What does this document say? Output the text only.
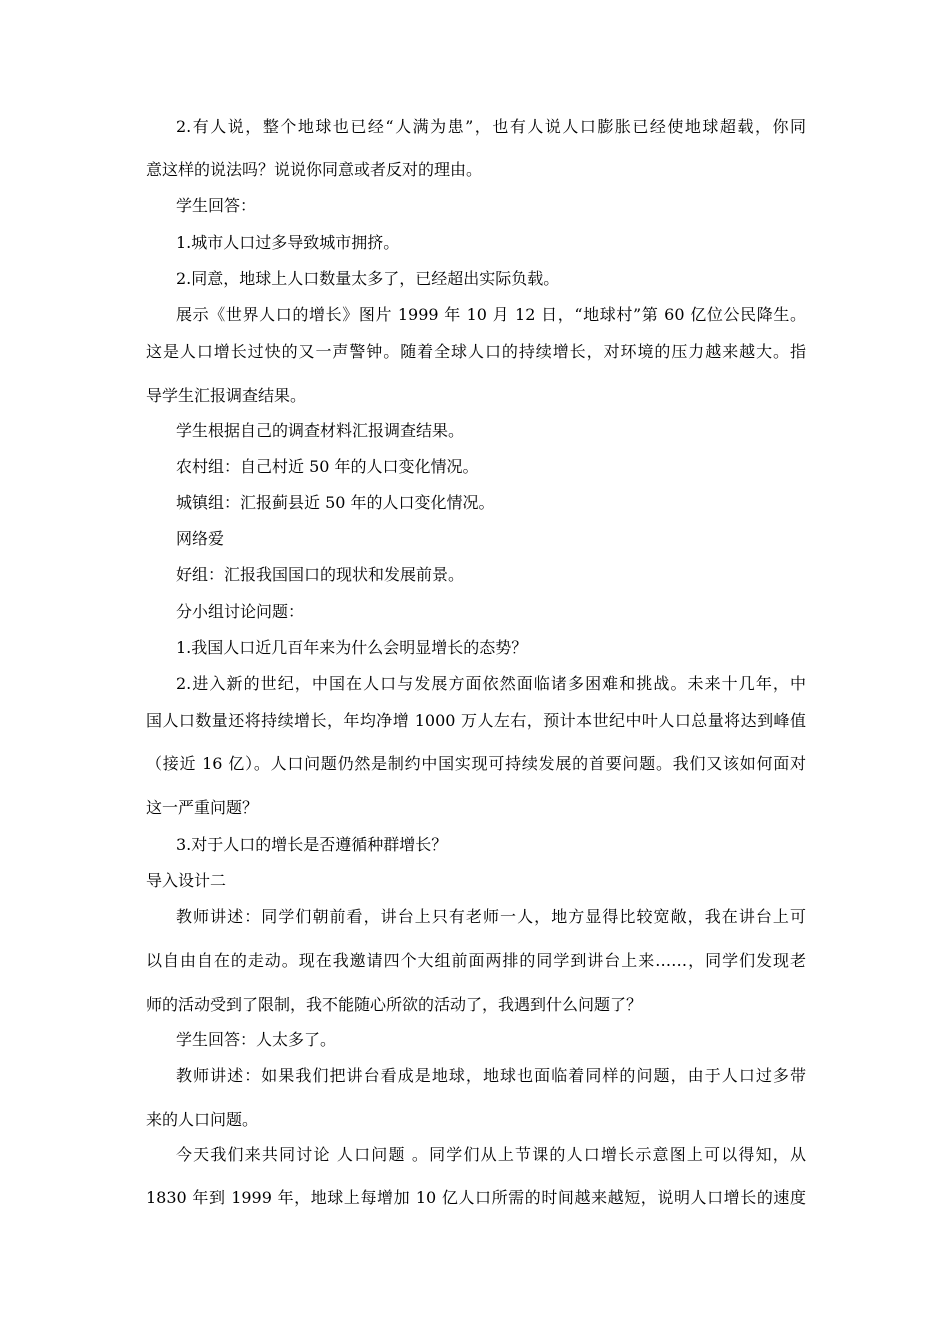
2.有人说，整个地球也已经“人满为患”，也有人说人口膨胀已经使地球超载，你同
意这样的说法吗？说说你同意或者反对的理由。
学生回答：
1.城市人口过多导致城市拥挤。
2.同意，地球上人口数量太多了，已经超出实际负载。
展示《世界人口的增长》图片 1999 年 10 月 12 日，“地球村”第 60 亿位公民降生。
这是人口增长过快的又一声警钟。随着全球人口的持续增长，对环境的压力越来越大。指
导学生汇报调查结果。
学生根据自己的调查材料汇报调查结果。
农村组：自己村近 50 年的人口变化情况。
城镇组：汇报蓟县近 50 年的人口变化情况。
网络爱
好组：汇报我国国口的现状和发展前景。
分小组讨论问题：
1.我国人口近几百年来为什么会明显增长的态势？
2.进入新的世纪，中国在人口与发展方面依然面临诸多困难和挑战。未来十几年，中
国人口数量还将持续增长，年均净增 1000 万人左右，预计本世纪中叶人口总量将达到峰值
（接近 16 亿）。人口问题仍然是制约中国实现可持续发展的首要问题。我们又该如何面对
这一严重问题？
3.对于人口的增长是否遵循种群增长？
导入设计二
教师讲述：同学们朝前看，讲台上只有老师一人，地方显得比较宽敞，我在讲台上可
以自由自在的走动。现在我邀请四个大组前面两排的同学到讲台上来……，同学们发现老
师的活动受到了限制，我不能随心所欲的活动了，我遇到什么问题了？
学生回答：人太多了。
教师讲述：如果我们把讲台看成是地球，地球也面临着同样的问题，由于人口过多带
来的人口问题。
今天我们来共同讨论 人口问题 。同学们从上节课的人口增长示意图上可以得知，从
1830 年到 1999 年，地球上每增加 10 亿人口所需的时间越来越短，说明人口增长的速度
